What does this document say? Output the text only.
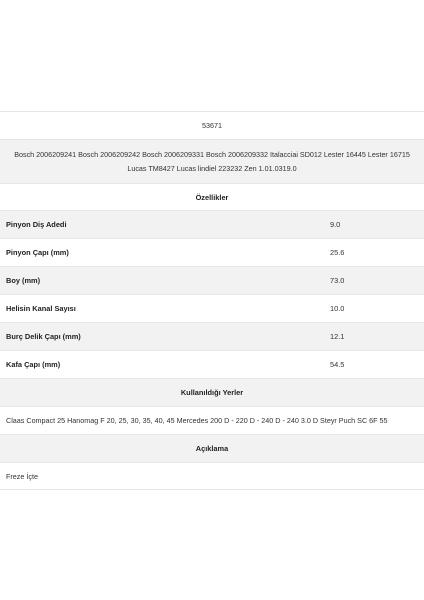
53671
Bosch 2006209241 Bosch 2006209242 Bosch 2006209331 Bosch 2006209332 Italacciai SD012 Lester 16445 Lester 16715 Lucas TM8427 Lucas lindiel 223232 Zen 1.01.0319.0
Özellikler
Pinyon Diş Adedi	9.0
Pinyon Çapı (mm)	25.6
Boy (mm)	73.0
Helisin Kanal Sayısı	10.0
Burç Delik Çapı (mm)	12.1
Kafa Çapı (mm)	54.5
Kullanıldığı Yerler
Claas Compact 25 Hanomag F 20, 25, 30, 35, 40, 45 Mercedes 200 D - 220 D - 240 D - 240 3.0 D Steyr Puch SC 6F 55
Açıklama
Freze İçte
